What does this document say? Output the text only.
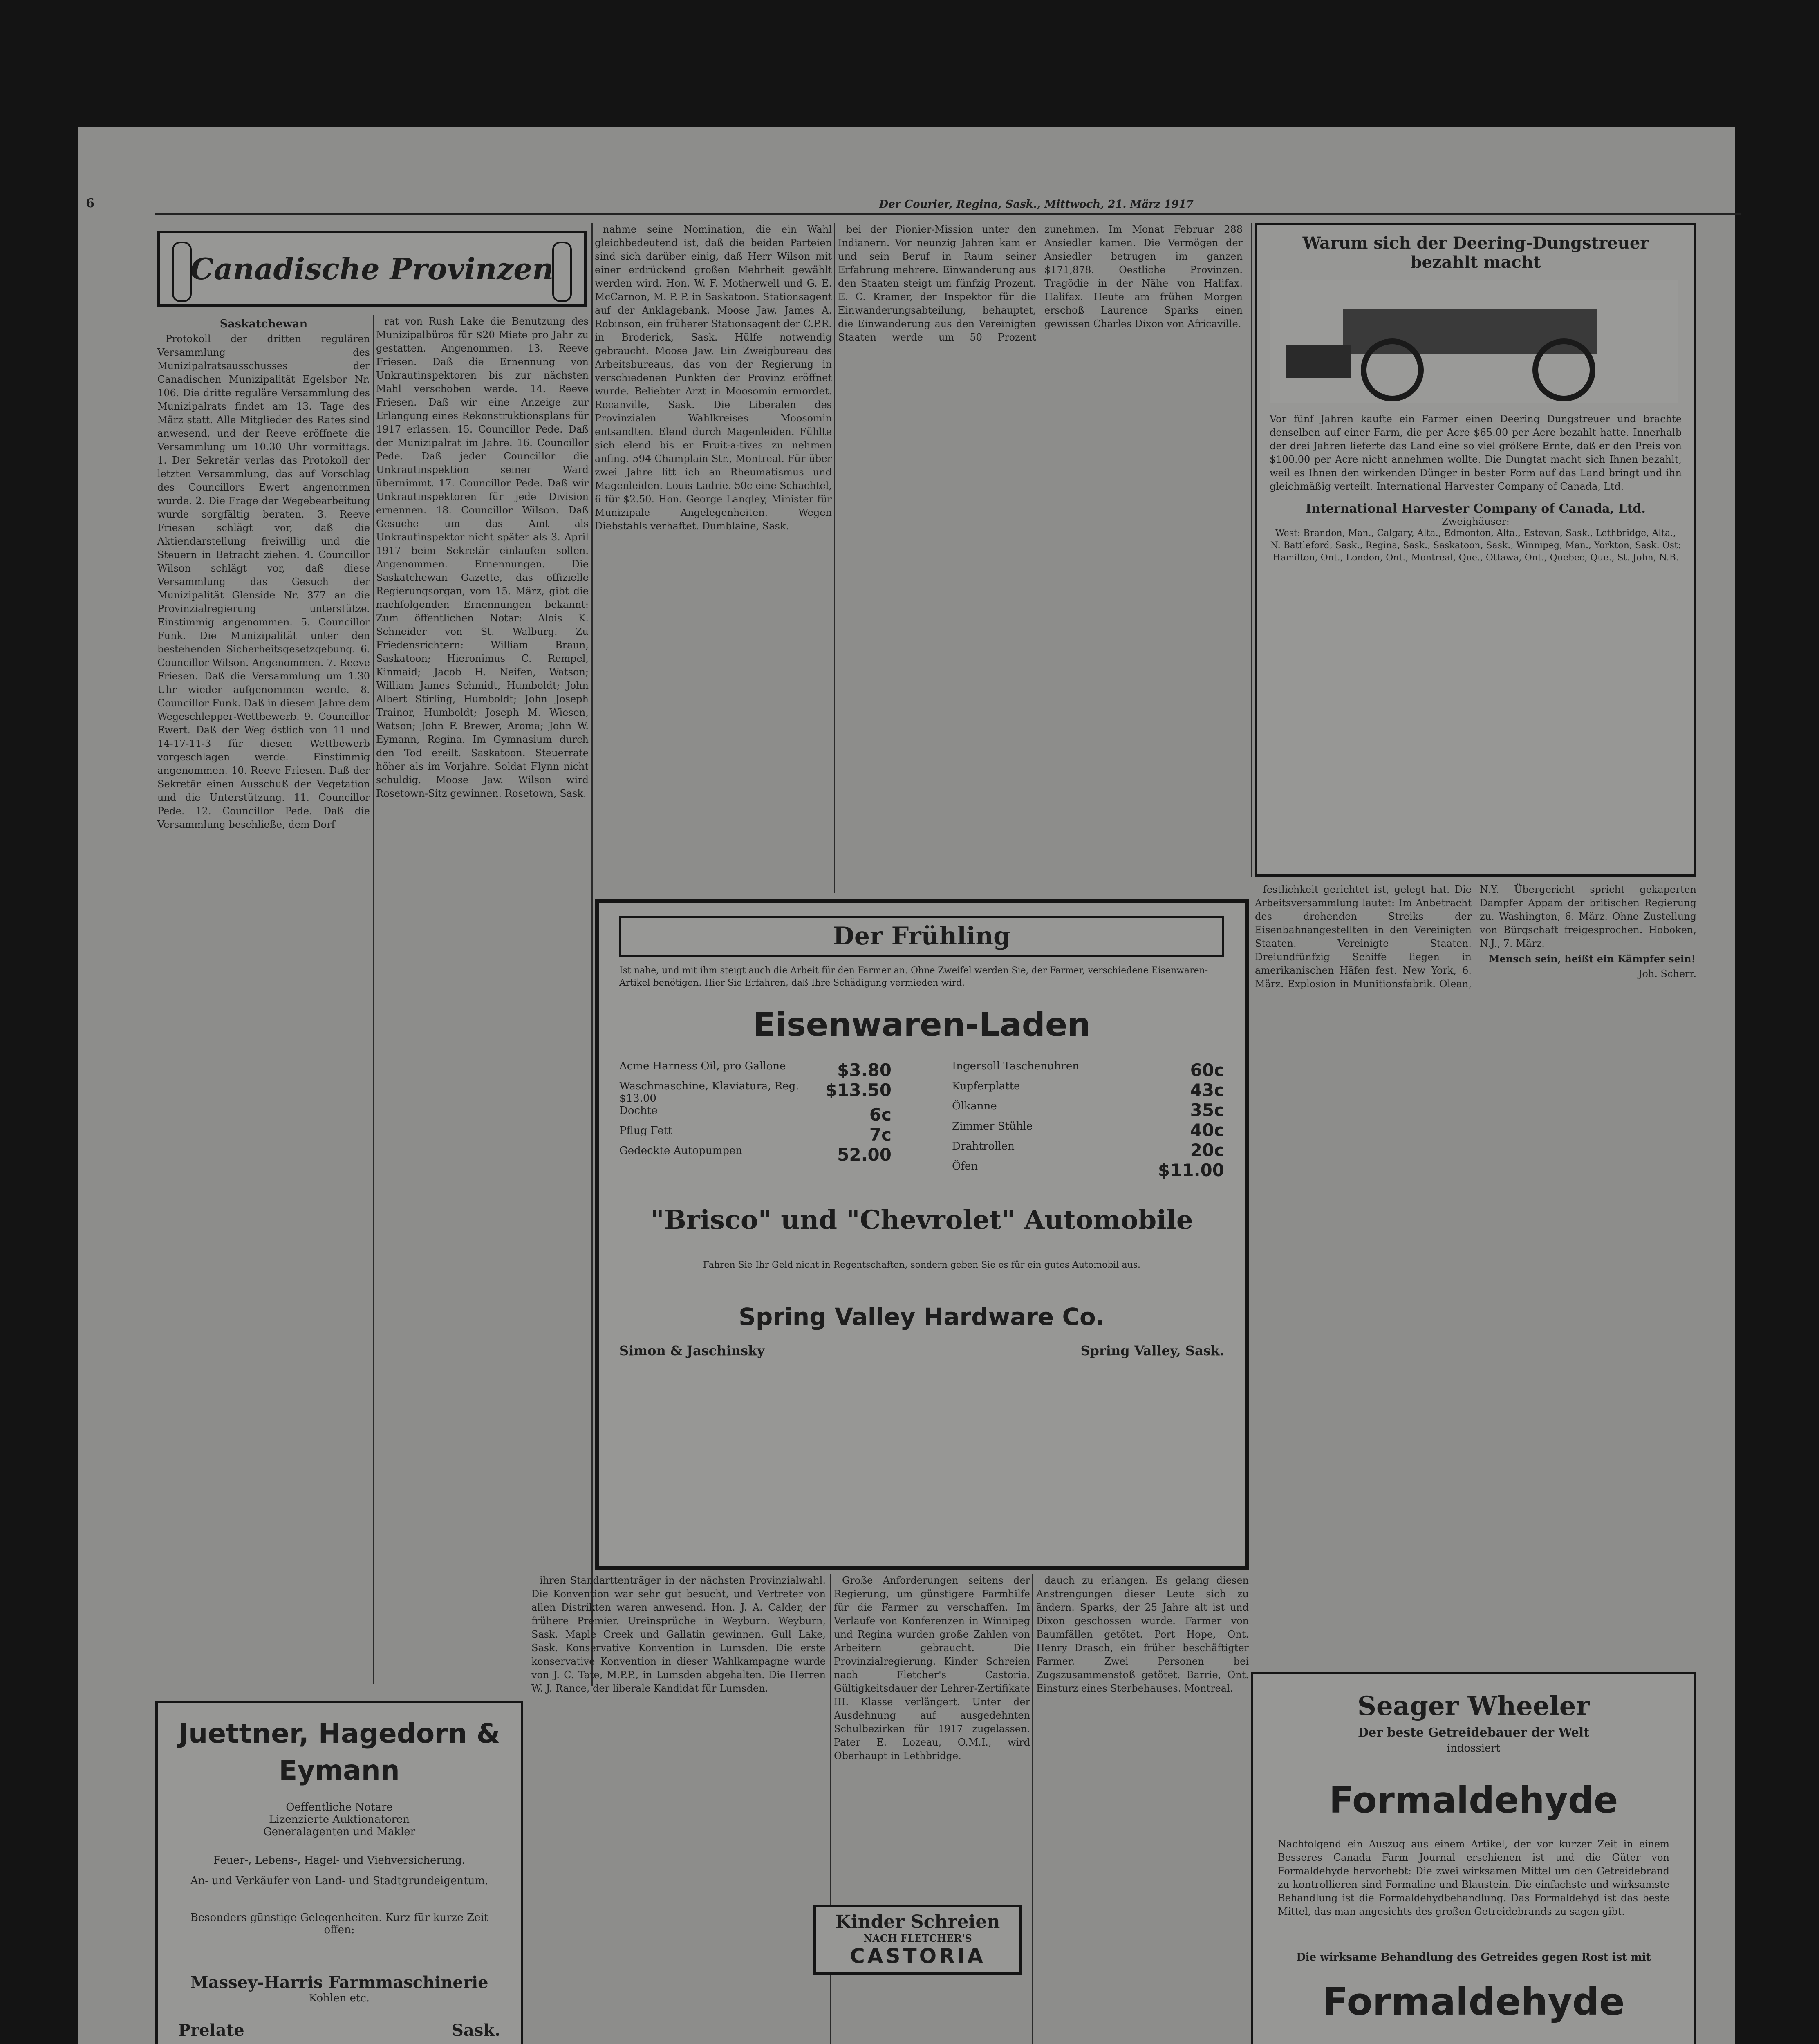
6	Der Courier, Regina, Sask., Mittwoch, 21. März 1917
Canadische Provinzen
Saskatchewan

Protokoll der dritten regulären Versammlung des Munizipalratsausschusses der Canadischen Munizipalität Egelsbor Nr. 106. Die dritte reguläre Versammlung des Munizipalrats findet am 13. Tage des März statt. Alle Mitglieder des Rates sind anwesend, und der Reeve eröffnete die Versammlung um 10.30 Uhr vormittags. 1. Der Sekretär verlas das Protokoll der letzten Versammlung, das auf Vorschlag des Councillors Ewert angenommen wurde. 2. Die Frage der Wegebearbeitung wurde sorgfältig beraten. 3. Reeve Friesen schlägt vor, daß die Aktiendarstellung freiwillig und die Steuern in Betracht ziehen. 4. Councillor Wilson schlägt vor, daß diese Versammlung das Gesuch der Munizipalität Glenside Nr. 377 an die Provinzialregierung unterstütze. Einstimmig angenommen. 5. Councillor Funk. Die Munizipalität unter den bestehenden Sicherheitsgesetzgebung. 6. Councillor Wilson. Angenommen. 7. Reeve Friesen. Daß die Versammlung um 1.30 Uhr wieder aufgenommen werde. 8. Councillor Funk. Daß in diesem Jahre dem Wegeschlepper-Wettbewerb. 9. Councillor Ewert. Daß der Weg östlich von 11 und 14-17-11-3 für diesen Wettbewerb vorgeschlagen werde. Einstimmig angenommen. 10. Reeve Friesen. Daß der Sekretär einen Ausschuß der Vegetation und die Unterstützung. 11. Councillor Pede. 12. Councillor Pede. Daß die Versammlung beschließe, dem Dorf

rat von Rush Lake die Benutzung des Munizipalbüros für $20 Miete pro Jahr zu gestatten. Angenommen. 13. Reeve Friesen. Daß die Ernennung von Unkrautinspektoren bis zur nächsten Mahl verschoben werde. 14. Reeve Friesen. Daß wir eine Anzeige zur Erlangung eines Rekonstruktionsplans für 1917 erlassen. 15. Councillor Pede. Daß der Munizipalrat im Jahre. 16. Councillor Pede. Daß jeder Councillor die Unkrautinspektion seiner Ward übernimmt. 17. Councillor Pede. Daß wir Unkrautinspektoren für jede Division ernennen. 18. Councillor Wilson. Daß Gesuche um das Amt als Unkrautinspektor nicht später als 3. April 1917 beim Sekretär einlaufen sollen. Angenommen. Ernennungen. Die Saskatchewan Gazette, das offizielle Regierungsorgan, vom 15. März, gibt die nachfolgenden Ernennungen bekannt: Zum öffentlichen Notar: Alois K. Schneider von St. Walburg. Zu Friedensrichtern: William Braun, Saskatoon; Hieronimus C. Rempel, Kinmaid; Jacob H. Neifen, Watson; William James Schmidt, Humboldt; John Albert Stirling, Humboldt; John Joseph Trainor, Humboldt; Joseph M. Wiesen, Watson; John F. Brewer, Aroma; John W. Eymann, Regina. Im Gymnasium durch den Tod ereilt. Saskatoon. Steuerrate höher als im Vorjahre. Soldat Flynn nicht schuldig. Moose Jaw. Wilson wird Rosetown-Sitz gewinnen. Rosetown, Sask.

Juettner, Hagedorn & Eymann
Oeffentliche Notare
Lizenzierte Auktionatoren
Generalagenten und Makler
Feuer-, Lebens-, Hagel- und Viehversicherung.
An- und Verkäufer von Land- und Stadtgrundeigentum.
Besonders günstige Gelegenheiten. Kurz für kurze Zeit offen:
Massey-Harris Farmmaschinerie
Kohlen etc.
Prelate	Sask.

nahme seine Nomination, die ein Wahl gleichbedeutend ist, daß die beiden Parteien sind sich darüber einig, daß Herr Wilson mit einer erdrückend großen Mehrheit gewählt werden wird. Hon. W. F. Motherwell und G. E. McCarnon, M. P. P. in Saskatoon. Stationsagent auf der Anklagebank. Moose Jaw. James A. Robinson, ein früherer Stationsagent der C.P.R. in Broderick, Sask. Hülfe notwendig gebraucht. Moose Jaw. Ein Zweigbureau des Arbeitsbureaus, das von der Regierung in verschiedenen Punkten der Provinz eröffnet wurde. Beliebter Arzt in Moosomin ermordet. Rocanville, Sask. Die Liberalen des Provinzialen Wahlkreises Moosomin entsandten. Elend durch Magenleiden. Fühlte sich elend bis er Fruit-a-tives zu nehmen anfing. 594 Champlain Str., Montreal. Für über zwei Jahre litt ich an Rheumatismus und Magenleiden. Louis Ladrie. 50c eine Schachtel, 6 für $2.50. Hon. George Langley, Minister für Munizipale Angelegenheiten. Wegen Diebstahls verhaftet. Dumblaine, Sask.

bei der Pionier-Mission unter den Indianern. Vor neunzig Jahren kam er und sein Beruf in Raum seiner Erfahrung mehrere. Einwanderung aus den Staaten steigt um fünfzig Prozent. E. C. Kramer, der Inspektor für die Einwanderungsabteilung, behauptet, die Einwanderung aus den Vereinigten Staaten werde um 50 Prozent zunehmen. Im Monat Februar 288 Ansiedler kamen. Die Vermögen der Ansiedler betrugen im ganzen $171,878. Oestliche Provinzen. Tragödie in der Nähe von Halifax. Halifax. Heute am frühen Morgen erschoß Laurence Sparks einen gewissen Charles Dixon von Africaville.

Warum sich der Deering-Dungstreuer bezahlt macht
Vor fünf Jahren kaufte ein Farmer einen Deering Dungstreuer und brachte denselben auf einer Farm, die per Acre $65.00 per Acre bezahlt hatte. Innerhalb der drei Jahren lieferte das Land eine so viel größere Ernte, daß er den Preis von $100.00 per Acre nicht annehmen wollte. Die Dungtat macht sich Ihnen bezahlt, weil es Ihnen den wirkenden Dünger in bester Form auf das Land bringt und ihn gleichmäßig verteilt. International Harvester Company of Canada, Ltd.
International Harvester Company of Canada, Ltd.
Zweighäuser:
West: Brandon, Man., Calgary, Alta., Edmonton, Alta., Estevan, Sask., Lethbridge, Alta., N. Battleford, Sask., Regina, Sask., Saskatoon, Sask., Winnipeg, Man., Yorkton, Sask. Ost: Hamilton, Ont., London, Ont., Montreal, Que., Ottawa, Ont., Quebec, Que., St. John, N.B.
Der Frühling
Ist nahe, und mit ihm steigt auch die Arbeit für den Farmer an. Ohne Zweifel werden Sie, der Farmer, verschiedene Eisenwaren-Artikel benötigen. Hier Sie Erfahren, daß Ihre Schädigung vermieden wird.
Eisenwaren-Laden
Acme Harness Oil, pro Gallone	$3.80
Waschmaschine, Klaviatura, Reg. $13.00	$13.50
Dochte	6c
Pflug Fett	7c
Gedeckte Autopumpen	52.00
Ingersoll Taschenuhren	60c
Kupferplatte	43c
Ölkanne	35c
Zimmer Stühle	40c
Drahtrollen	20c
Öfen	$11.00
"Brisco" und "Chevrolet" Automobile
Fahren Sie Ihr Geld nicht in Regentschaften, sondern geben Sie es für ein gutes Automobil aus.
Spring Valley Hardware Co.
Simon & Jaschinsky	Spring Valley, Sask.

festlichkeit gerichtet ist, gelegt hat. Die Arbeitsversammlung lautet: Im Anbetracht des drohenden Streiks der Eisenbahnangestellten in den Vereinigten Staaten. Vereinigte Staaten. Dreiundfünfzig Schiffe liegen in amerikanischen Häfen fest. New York, 6. März. Explosion in Munitionsfabrik. Olean, N.Y. Übergericht spricht gekaperten Dampfer Appam der britischen Regierung zu. Washington, 6. März. Ohne Zustellung von Bürgschaft freigesprochen. Hoboken, N.J., 7. März.

Mensch sein, heißt ein Kämpfer sein!

Joh. Scherr.

ihren Standarttenträger in der nächsten Provinzialwahl. Die Konvention war sehr gut besucht, und Vertreter von allen Distrikten waren anwesend. Hon. J. A. Calder, der frühere Premier. Ureinsprüche in Weyburn. Weyburn, Sask. Maple Creek und Gallatin gewinnen. Gull Lake, Sask. Konservative Konvention in Lumsden. Die erste konservative Konvention in dieser Wahlkampagne wurde von J. C. Tate, M.P.P., in Lumsden abgehalten. Die Herren W. J. Rance, der liberale Kandidat für Lumsden.

Große Anforderungen seitens der Regierung, um günstigere Farmhilfe für die Farmer zu verschaffen. Im Verlaufe von Konferenzen in Winnipeg und Regina wurden große Zahlen von Arbeitern gebraucht. Die Provinzialregierung. Kinder Schreien nach Fletcher's Castoria. Gültigkeitsdauer der Lehrer-Zertifikate III. Klasse verlängert. Unter der Ausdehnung auf ausgedehnten Schulbezirken für 1917 zugelassen. Pater E. Lozeau, O.M.I., wird Oberhaupt in Lethbridge.

Kinder Schreien
NACH FLETCHER'S
CASTORIA

dauch zu erlangen. Es gelang diesen Anstrengungen dieser Leute sich zu ändern. Sparks, der 25 Jahre alt ist und Dixon geschossen wurde. Farmer von Baumfällen getötet. Port Hope, Ont. Henry Drasch, ein früher beschäftigter Farmer. Zwei Personen bei Zugszusammenstoß getötet. Barrie, Ont. Einsturz eines Sterbehauses. Montreal.

Seager Wheeler
Der beste Getreidebauer der Welt
indossiert
Formaldehyde
Nachfolgend ein Auszug aus einem Artikel, der vor kurzer Zeit in einem Besseres Canada Farm Journal erschienen ist und die Güter von Formaldehyde hervorhebt: Die zwei wirksamen Mittel um den Getreidebrand zu kontrollieren sind Formaline und Blaustein. Die einfachste und wirksamste Behandlung ist die Formaldehydbehandlung. Das Formaldehyd ist das beste Mittel, das man angesichts des großen Getreidebrands zu sagen gibt.
Die wirksame Behandlung des Getreides gegen Rost ist mit
Formaldehyde
